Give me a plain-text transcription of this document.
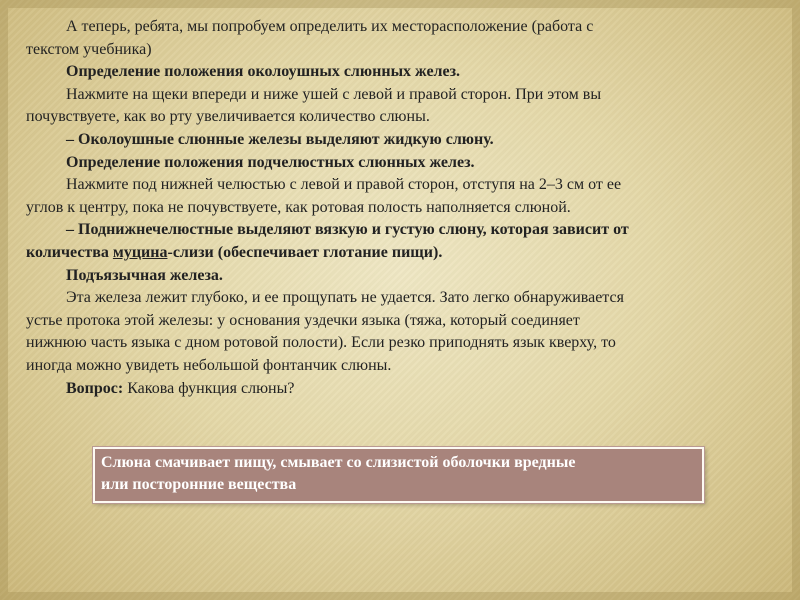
А теперь, ребята, мы попробуем определить их месторасположение (работа с

текстом учебника)

Определение положения околоушных слюнных желез.

Нажмите на щеки впереди и ниже ушей с левой и правой сторон. При этом вы

почувствуете, как во рту увеличивается количество слюны.

– Околоушные слюнные железы выделяют жидкую слюну.

Определение положения подчелюстных слюнных желез.

Нажмите под нижней челюстью с левой и правой сторон, отступя на 2–3 см от ее

углов к центру, пока не почувствуете, как ротовая полость наполняется слюной.

– Поднижнечелюстные выделяют вязкую и густую слюну, которая зависит от

количества муцина-слизи (обеспечивает глотание пищи).

Подъязычная железа.

Эта железа лежит глубоко, и ее прощупать не удается. Зато легко обнаруживается

устье протока этой железы: у основания уздечки языка (тяжа, который соединяет

нижнюю часть языка с дном ротовой полости). Если резко приподнять язык кверху, то

иногда можно увидеть небольшой фонтанчик слюны.

Вопрос: Какова функция слюны?

Слюна смачивает пищу, смывает со слизистой оболочки вредные
или посторонние вещества
